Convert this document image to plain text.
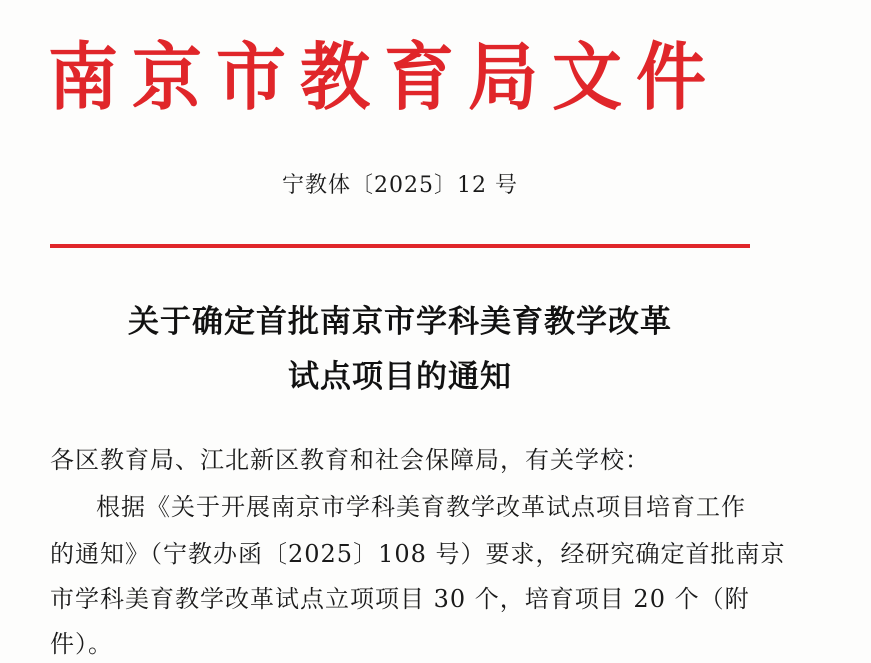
南京市教育局文件
宁教体〔2025〕12 号
关于确定首批南京市学科美育教学改革
试点项目的通知
各区教育局、江北新区教育和社会保障局，有关学校：
根据《关于开展南京市学科美育教学改革试点项目培育工作
的通知》（宁教办函〔2025〕108 号）要求，经研究确定首批南京
市学科美育教学改革试点立项项目 30 个，培育项目 20 个（附
件）。
